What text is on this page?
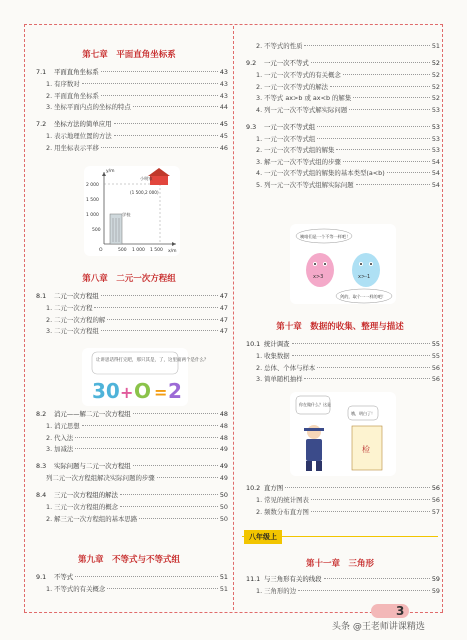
第七章　平面直角坐标系
7.1	平面直角坐标系	43
1. 有序数对	43
2. 平面直角坐标系	43
3. 坐标平面内点的坐标的特点	44
7.2	坐标方法的简单应用	45
1. 表示地理位置的方法	45
2. 用坐标表示平移	46
y/m
x/m
2 000
1 500
1 000
500
O	500 1 000 1 500
小明家
(1 500,2 000)
学校
第八章　二元一次方程组
8.1	二元一次方程组	47
1. 二元一次方程	47
2. 二元一次方程的解	47
3. 二元一次方程组	47
让讲思话得打完吧，那只其是，了，这里面两个是什么？
30 + O = 2
8.2	消元——解二元一次方程组	48
1. 消元思想	48
2. 代入法	48
3. 加减法	49
8.3	实际问题与二元一次方程组	49
列二元一次方程组解决实际问题的步骤	49
8.4	三元一次方程组的解法	50
1. 三元一次方程组的概念	50
2. 解三元一次方程组的基本思路	50
第九章　不等式与不等式组
9.1	不等式	51
1. 不等式的有关概念	51
2. 不等式的性质	51
9.2	一元一次不等式	52
1. 一元一次不等式的有关概念	52
2. 一元一次不等式的解法	52
3. 不等式 ax>b 或 ax<b 的解集	52
4. 列一元一次不等式解实际问题	53
9.3	一元一次不等式组	53
1. 一元一次不等式组	53
2. 一元一次不等式组的解集	53
3. 解一元一次不等式组的步骤	54
4. 一元一次不等式组的解集的基本类型(a<b)	54
5. 列一元一次不等式组解实际问题	54
咦咱们是一个不等一样吧！
x>3	x>-1
剑的，取个一一样的吧！
第十章　数据的收集、整理与描述
10.1 统计调查	55
1. 收集数据	55
2. 总体、个体与样本	56
3. 简单随机抽样	56
你在做什么？这是
哦，明白了！
检
10.2 直方图	56
1. 常见的统计图表	56
2. 频数分布直方图	57
八年级上
第十一章　三角形
11.1 与三角形有关的线段	59
1. 三角形的边	59
头条 @王老师讲课精选
3
